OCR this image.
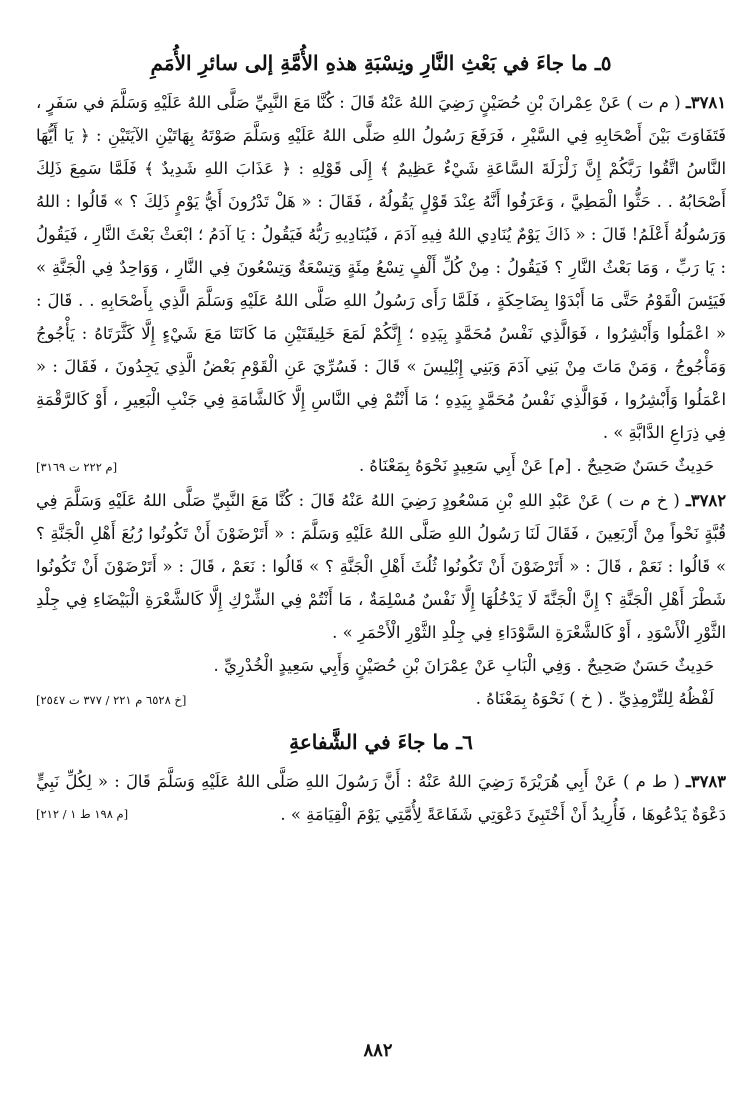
٥ـ ما جاءَ في بَعْثِ النَّارِ ونِسْبَةِ هذهِ الأُمَّةِ إلى سائرِ الأُمَمِ

٣٧٨١ـ ( م ت ) عَنْ عِمْرانَ بْنِ حُصَيْنٍ رَضِيَ اللهُ عَنْهُ قَالَ : كُنَّا مَعَ النَّبِيِّ صَلَّى اللهُ عَلَيْهِ وَسَلَّمَ في سَفَرٍ ، فَتَفَاوَتَ بَيْنَ أَصْحَابِهِ فِي السَّيْرِ ، فَرَفَعَ رَسُولُ اللهِ صَلَّى اللهُ عَلَيْهِ وَسَلَّمَ صَوْتَهُ بِهَاتَيْنِ الآيَتَيْنِ : ﴿ يَا أَيُّهَا النَّاسُ اتَّقُوا رَبَّكُمْ إِنَّ زَلْزَلَةَ السَّاعَةِ شَيْءٌ عَظِيمٌ ﴾ إِلَى قَوْلِهِ : ﴿ عَذَابَ اللهِ شَدِيدٌ ﴾ فَلَمَّا سَمِعَ ذَلِكَ أَصْحَابُهُ . . حَثُّوا الْمَطِيَّ ، وَعَرَفُوا أَنَّهُ عِنْدَ قَوْلٍ يَقُولُهُ ، فَقَالَ : « هَلْ تَدْرُونَ أَيُّ يَوْمٍ ذَلِكَ ؟ » قَالُوا : اللهُ وَرَسُولُهُ أَعْلَمُ! قَالَ : « ذَاكَ يَوْمٌ يُنَادِي اللهُ فِيهِ آدَمَ ، فَيُنَادِيهِ رَبُّهُ فَيَقُولُ : يَا آدَمُ ؛ ابْعَثْ بَعْثَ النَّارِ ، فَيَقُولُ : يَا رَبِّ ، وَمَا بَعْثُ النَّارِ ؟ فَيَقُولُ : مِنْ كُلِّ أَلْفٍ تِسْعُ مِئَةٍ وَتِسْعَةٌ وَتِسْعُونَ فِي النَّارِ ، وَوَاحِدٌ فِي الْجَنَّةِ » فَيَئِسَ الْقَوْمُ حَتَّى مَا أَبْدَوْا بِضَاحِكَةٍ ، فَلَمَّا رَأَى رَسُولُ اللهِ صَلَّى اللهُ عَلَيْهِ وَسَلَّمَ الَّذِي بِأَصْحَابِهِ . . قَالَ : « اعْمَلُوا وَأَبْشِرُوا ، فَوَالَّذِي نَفْسُ مُحَمَّدٍ بِيَدِهِ ؛ إِنَّكُمْ لَمَعَ خَلِيقَتَيْنِ مَا كَانَتَا مَعَ شَيْءٍ إِلَّا كَثَّرَتَاهُ : يَأْجُوجُ وَمَأْجُوجُ ، وَمَنْ مَاتَ مِنْ بَنِي آدَمَ وَبَنِي إِبْلِيسَ » قَالَ : فَسُرِّيَ عَنِ الْقَوْمِ بَعْضُ الَّذِي يَجِدُونَ ، فَقَالَ : « اعْمَلُوا وَأَبْشِرُوا ، فَوَالَّذِي نَفْسُ مُحَمَّدٍ بِيَدِهِ ؛ مَا أَنْتُمْ فِي النَّاسِ إِلَّا كَالشَّامَةِ فِي جَنْبِ الْبَعِيرِ ، أَوْ كَالرَّقْمَةِ فِي ذِرَاعِ الدَّابَّةِ » .

حَدِيثٌ حَسَنٌ صَحِيحٌ . [م] عَنْ أَبِي سَعِيدٍ نَحْوَهُ بِمَعْنَاهُ .
[م ٢٢٢ ت ٣١٦٩]

٣٧٨٢ـ ( خ م ت ) عَنْ عَبْدِ اللهِ بْنِ مَسْعُودٍ رَضِيَ اللهُ عَنْهُ قَالَ : كُنَّا مَعَ النَّبِيِّ صَلَّى اللهُ عَلَيْهِ وَسَلَّمَ فِي قُبَّةٍ نَحْواً مِنْ أَرْبَعِينَ ، فَقَالَ لَنَا رَسُولُ اللهِ صَلَّى اللهُ عَلَيْهِ وَسَلَّمَ : « أَتَرْضَوْنَ أَنْ تَكُونُوا رُبُعَ أَهْلِ الْجَنَّةِ ؟ » قَالُوا : نَعَمْ ، قَالَ : « أَتَرْضَوْنَ أَنْ تَكُونُوا ثُلُثَ أَهْلِ الْجَنَّةِ ؟ » قَالُوا : نَعَمْ ، قَالَ : « أَتَرْضَوْنَ أَنْ تَكُونُوا شَطْرَ أَهْلِ الْجَنَّةِ ؟ إِنَّ الْجَنَّةَ لَا يَدْخُلُهَا إِلَّا نَفْسٌ مُسْلِمَةٌ ، مَا أَنْتُمْ فِي الشِّرْكِ إِلَّا كَالشَّعْرَةِ الْبَيْضَاءِ فِي جِلْدِ الثَّوْرِ الْأَسْوَدِ ، أَوْ كَالشَّعْرَةِ السَّوْدَاءِ فِي جِلْدِ الثَّوْرِ الْأَحْمَرِ » .

حَدِيثٌ حَسَنٌ صَحِيحٌ . وَفِي الْبَابِ عَنْ عِمْرَانَ بْنِ حُصَيْنٍ وَأَبِي سَعِيدٍ الْخُدْرِيِّ .

لَفْظُهُ لِلتِّرْمِذِيِّ . ( خ ) نَحْوَهُ بِمَعْنَاهُ .
[خ ٦٥٢٨ م ٢٢١ / ٣٧٧ ت ٢٥٤٧]
٦ـ ما جاءَ في الشَّفاعةِ

٣٧٨٣ـ ( ط م ) عَنْ أَبِي هُرَيْرَةَ رَضِيَ اللهُ عَنْهُ : أَنَّ رَسُولَ اللهِ صَلَّى اللهُ عَلَيْهِ وَسَلَّمَ قَالَ : « لِكُلِّ نَبِيٍّ دَعْوَةٌ يَدْعُوهَا ، فَأُرِيدُ أَنْ أَخْتَبِئَ دَعْوَتِي شَفَاعَةً لِأُمَّتِي يَوْمَ الْقِيَامَةِ » .
[م ١٩٨ ط ١ / ٢١٢]

٨٨٢
